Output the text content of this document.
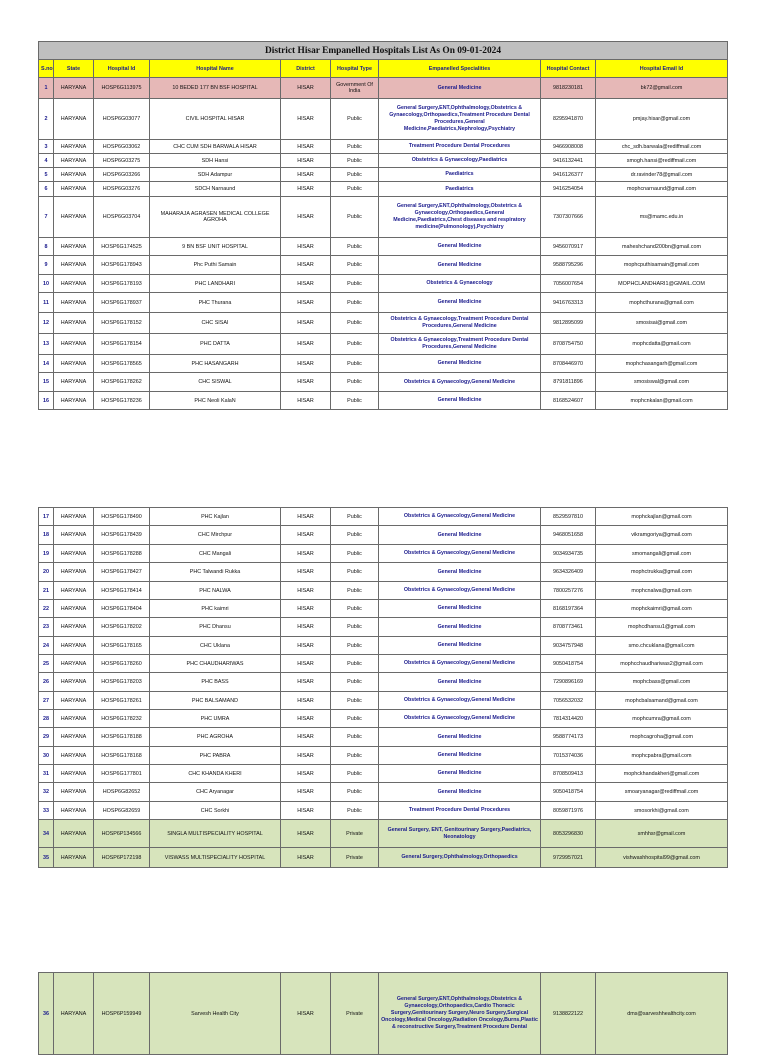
District Hisar Empanelled Hospitals List As On 09-01-2024								
S.no	State	Hospital Id	Hospital Name	District	Hospital Type	Empanelled Specialities	Hospital Contact	Hospital Email Id
1	HARYANA	HOSP6G113975	10 BEDED 177 BN BSF HOSPITAL	HISAR	Government Of India	General Medicine	9818230181	bk72@gmail.com
2	HARYANA	HOSP6G03077	CIVIL HOSPITAL HISAR	HISAR	Public	General Surgery,ENT,Ophthalmology,Obstetrics & Gynaecology,Orthopaedics,Treatment Procedure Dental Procedures,General Medicine,Paediatrics,Nephrology,Psychiatry	8295941870	pmjay.hisar@gmail.com
3	HARYANA	HOSP6G03062	CHC CUM SDH BARWALA HISAR	HISAR	Public	Treatment Procedure Dental Procedures	9466908008	chc_sdh.barwala@rediffmail.com
4	HARYANA	HOSP6G03275	SDH Hansi	HISAR	Public	Obstetrics & Gynaecology,Paediatrics	9416132441	smogh.hansi@rediffmail.com
5	HARYANA	HOSP6G03266	SDH Adampur	HISAR	Public	Paediatrics	9416126377	dr.ravinder78@gmail.com
6	HARYANA	HOSP6G03276	SDCH Narnaund	HISAR	Public	Paediatrics	9416254054	mophcnarnaund@gmail.com
7	HARYANA	HOSP6G03704	MAHARAJA AGRASEN MEDICAL COLLEGE AGROHA	HISAR	Public	General Surgery,ENT,Ophthalmology,Obstetrics & Gynaecology,Orthopaedics,General Medicine,Paediatrics,Chest diseases and respiratory medicine(Pulmonology),Psychiatry	7307307666	ms@mamc.edu.in
8	HARYANA	HOSP6G174525	9 BN BSF UNIT HOSPITAL	HISAR	Public	General Medicine	9456070917	maheshchand200bn@gmail.com
9	HARYANA	HOSP6G178943	Phc Puthi Samain	HISAR	Public	General Medicine	9588795296	mophcputhisamain@gmail.com
10	HARYANA	HOSP6G178193	PHC LANDHARI	HISAR	Public	Obstetrics & Gynaecology	7056007654	MOPHCLANDHARI1@GMAIL.COM
11	HARYANA	HOSP6G178937	PHC Thurana	HISAR	Public	General Medicine	9416763313	mophcthurana@gmail.com
12	HARYANA	HOSP6G178152	CHC SISAI	HISAR	Public	Obstetrics & Gynaecology,Treatment Procedure Dental Procedures,General Medicine	9812895099	smosisai@gmail.com
13	HARYANA	HOSP6G178154	PHC DATTA	HISAR	Public	Obstetrics & Gynaecology,Treatment Procedure Dental Procedures,General Medicine	8708754750	mophcdatta@gmail.com
14	HARYANA	HOSP6G178565	PHC HASANGARH	HISAR	Public	General Medicine	8708446970	mophchasangarh@gmail.com
15	HARYANA	HOSP6G178262	CHC SISWAL	HISAR	Public	Obstetrics & Gynaecology,General Medicine	8791811896	smosiswal@gmail.com
16	HARYANA	HOSP6G178236	PHC Neoli KalaN	HISAR	Public	General Medicine	8168524607	mophcnkalan@gmail.com
17	HARYANA	HOSP6G178490	PHC Kajlan	HISAR	Public	Obstetrics & Gynaecology,General Medicine	8529597810	mophckajlan@gmail.com
18	HARYANA	HOSP6G178439	CHC Mirchpur	HISAR	Public	General Medicine	9468051658	vikramgoriya@gmail.com
19	HARYANA	HOSP6G178288	CHC Mangali	HISAR	Public	Obstetrics & Gynaecology,General Medicine	9034934735	smomangali@gmail.com
20	HARYANA	HOSP6G178427	PHC Talwandi Rukka	HISAR	Public	General Medicine	9634326409	mophctrukka@gmail.com
21	HARYANA	HOSP6G178414	PHC NALWA	HISAR	Public	Obstetrics & Gynaecology,General Medicine	7800257276	mophcnalwa@gmail.com
22	HARYANA	HOSP6G178404	PHC kaimri	HISAR	Public	General Medicine	8168197364	mophckaimri@gmail.com
23	HARYANA	HOSP6G178202	PHC Dhansu	HISAR	Public	General Medicine	8708773461	mophcdhansu1@gmail.com
24	HARYANA	HOSP6G178165	CHC Uklana	HISAR	Public	General Medicine	9034757948	smo.chcuklana@gmail.com
25	HARYANA	HOSP6G178260	PHC CHAUDHARIWAS	HISAR	Public	Obstetrics & Gynaecology,General Medicine	9050418754	mophcchaudhariwas2@gmail.com
26	HARYANA	HOSP6G178203	PHC BASS	HISAR	Public	General Medicine	7290896169	mophcbass@gmail.com
27	HARYANA	HOSP6G178261	PHC BALSAMAND	HISAR	Public	Obstetrics & Gynaecology,General Medicine	7056532032	mophcbalsamand@gmail.com
28	HARYANA	HOSP6G178232	PHC UMRA	HISAR	Public	Obstetrics & Gynaecology,General Medicine	7814314420	mophcumra@gmail.com
29	HARYANA	HOSP6G178188	PHC AGROHA	HISAR	Public	General Medicine	9588774173	mophcagroha@gmail.com
30	HARYANA	HOSP6G178168	PHC PABRA	HISAR	Public	General Medicine	7015374036	mophcpabra@gmail.com
31	HARYANA	HOSP6G177801	CHC KHANDA KHERI	HISAR	Public	General Medicine	8708509413	mophckhandakheri@gmail.com
32	HARYANA	HOSP6G82652	CHC Aryanagar	HISAR	Public	General Medicine	9050418754	smoaryanagar@rediffmail.com
33	HARYANA	HOSP6G82659	CHC Sorkhi	HISAR	Public	Treatment Procedure Dental Procedures	8059871976	smosorkhi@gmail.com
34	HARYANA	HOSP6P134566	SINGLA MULTISPECIALITY HOSPITAL	HISAR	Private	General Surgery, ENT, Genitourinary Surgery,Paediatrics, Neonatology	8053296830	smhhsr@gmail.com
35	HARYANA	HOSP6P172198	VISWASS MULTISPECIALITY HOSPITAL	HISAR	Private	General Surgery,Ophthalmology,Orthopaedics	9729957021	vishwashhospital99@gmail.com
36	HARYANA	HOSP6P159949	Sarvesh Health City	HISAR	Private	General Surgery,ENT,Ophthalmology,Obstetrics & Gynaecology,Orthopaedics,Cardio Thoracic Surgery,Genitourinary Surgery,Neuro Surgery,Surgical Oncology,Medical Oncology,Radiation Oncology,Burns,Plastic & reconstructive Surgery,Treatment Procedure Dental	9138822122	dms@sarveshhealthcity.com
